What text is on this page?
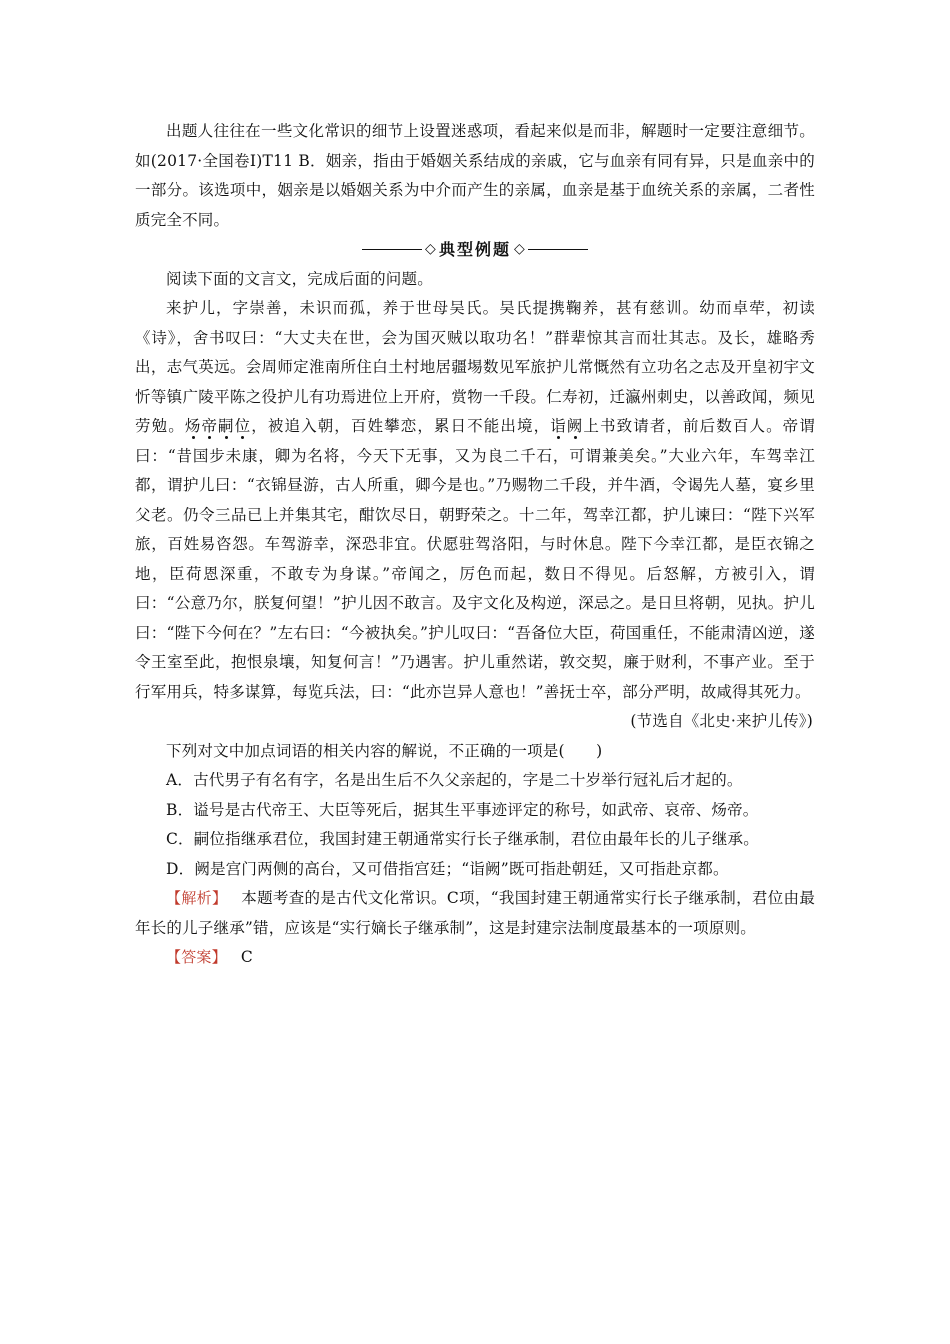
出题人往往在一些文化常识的细节上设置迷惑项，看起来似是而非，解题时一定要注意细节。如(2017·全国卷Ⅰ)T11 B．姻亲，指由于婚姻关系结成的亲戚，它与血亲有同有异，只是血亲中的一部分。该选项中，姻亲是以婚姻关系为中介而产生的亲属，血亲是基于血统关系的亲属，二者性质完全不同。

◇ 典型例题 ◇

阅读下面的文言文，完成后面的问题。

来护儿，字崇善，未识而孤，养于世母吴氏。吴氏提携鞠养，甚有慈训。幼而卓荦，初读《诗》，舍书叹曰：“大丈夫在世，会为国灭贼以取功名！”群辈惊其言而壮其志。及长，雄略秀出，志气英远。会周师定淮南所住白土村地居疆埸数见军旅护儿常慨然有立功名之志及开皇初宇文忻等镇广陵平陈之役护儿有功焉进位上开府，赏物一千段。仁寿初，迁瀛州刺史，以善政闻，频见劳勉。炀帝嗣位，被追入朝，百姓攀恋，累日不能出境，诣阙上书致请者，前后数百人。帝谓曰：“昔国步未康，卿为名将，今天下无事，又为良二千石，可谓兼美矣。”大业六年，车驾幸江都，谓护儿曰：“衣锦昼游，古人所重，卿今是也。”乃赐物二千段，并牛酒，令谒先人墓，宴乡里父老。仍令三品已上并集其宅，酣饮尽日，朝野荣之。十二年，驾幸江都，护儿谏曰：“陛下兴军旅，百姓易咨怨。车驾游幸，深恐非宜。伏愿驻驾洛阳，与时休息。陛下今幸江都，是臣衣锦之地，臣荷恩深重，不敢专为身谋。”帝闻之，厉色而起，数日不得见。后怒解，方被引入，谓曰：“公意乃尔，朕复何望！”护儿因不敢言。及宇文化及构逆，深忌之。是日旦将朝，见执。护儿曰：“陛下今何在？”左右曰：“今被执矣。”护儿叹曰：“吾备位大臣，荷国重任，不能肃清凶逆，遂令王室至此，抱恨泉壤，知复何言！”乃遇害。护儿重然诺，敦交契，廉于财利，不事产业。至于行军用兵，特多谋算，每览兵法，曰：“此亦岂异人意也！”善抚士卒，部分严明，故咸得其死力。

(节选自《北史·来护儿传》)

下列对文中加点词语的相关内容的解说，不正确的一项是(　　)

A．古代男子有名有字，名是出生后不久父亲起的，字是二十岁举行冠礼后才起的。

B．谥号是古代帝王、大臣等死后，据其生平事迹评定的称号，如武帝、哀帝、炀帝。

C．嗣位指继承君位，我国封建王朝通常实行长子继承制，君位由最年长的儿子继承。

D．阙是宫门两侧的高台，又可借指宫廷；“诣阙”既可指赴朝廷，又可指赴京都。

【解析】 本题考查的是古代文化常识。C项，“我国封建王朝通常实行长子继承制，君位由最年长的儿子继承”错，应该是“实行嫡长子继承制”，这是封建宗法制度最基本的一项原则。

【答案】 C
